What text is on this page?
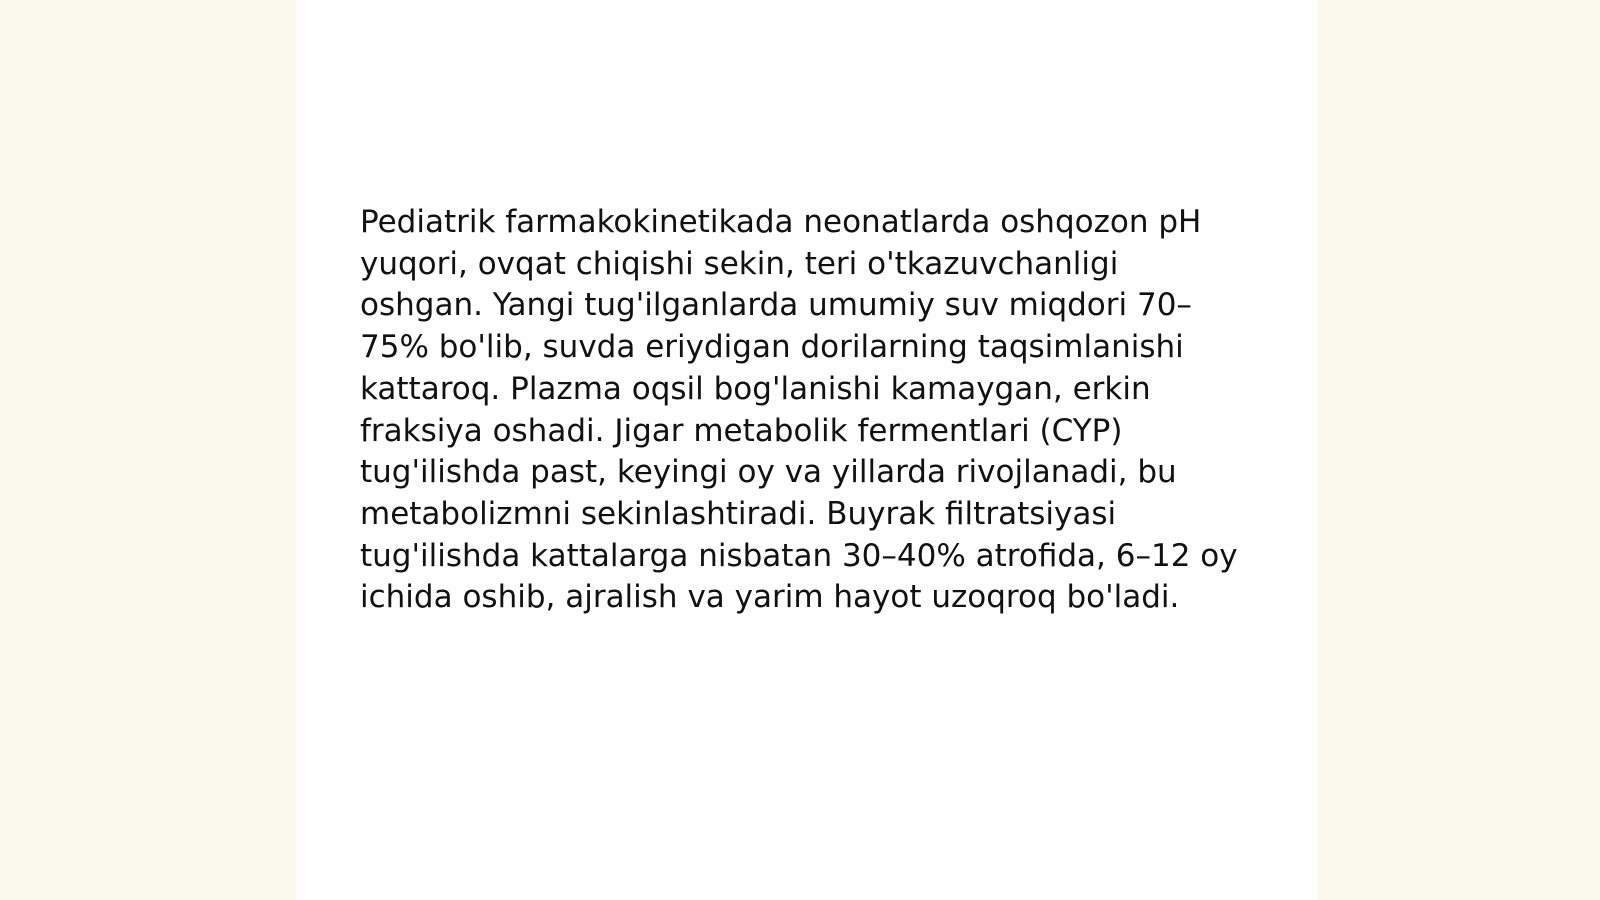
Pediatrik farmakokinetikada neonatlarda oshqozon pH yuqori, ovqat chiqishi sekin, teri o'tkazuvchanligi oshgan. Yangi tug'ilganlarda umumiy suv miqdori 70–75% bo'lib, suvda eriydigan dorilarning taqsimlanishi kattaroq. Plazma oqsil bog'lanishi kamaygan, erkin fraksiya oshadi. Jigar metabolik fermentlari (CYP) tug'ilishda past, keyingi oy va yillarda rivojlanadi, bu metabolizmni sekinlashtiradi. Buyrak filtratsiyasi tug'ilishda kattalarga nisbatan 30–40% atrofida, 6–12 oy ichida oshib, ajralish va yarim hayot uzoqroq bo'ladi.
